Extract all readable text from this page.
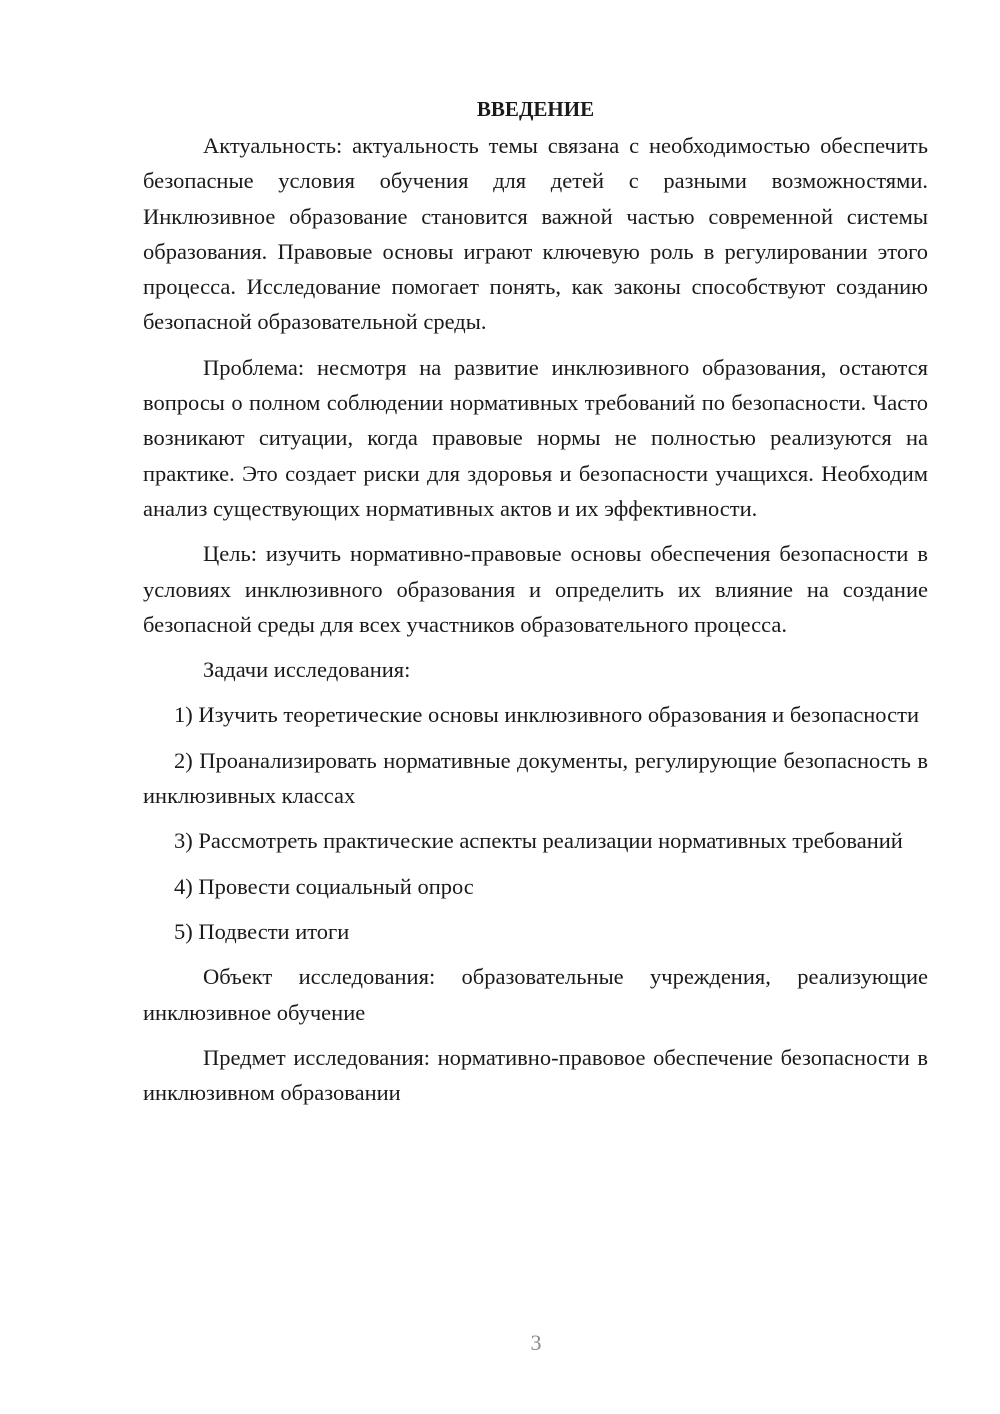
ВВЕДЕНИЕ

Актуальность: актуальность темы связана с необходимостью обеспечить безопасные условия обучения для детей с разными возможностями. Инклюзивное образование становится важной частью современной системы образования. Правовые основы играют ключевую роль в регулировании этого процесса. Исследование помогает понять, как законы способствуют созданию безопасной образовательной среды.

Проблема: несмотря на развитие инклюзивного образования, остаются вопросы о полном соблюдении нормативных требований по безопасности. Часто возникают ситуации, когда правовые нормы не полностью реализуются на практике. Это создает риски для здоровья и безопасности учащихся. Необходим анализ существующих нормативных актов и их эффективности.

Цель: изучить нормативно-правовые основы обеспечения безопасности в условиях инклюзивного образования и определить их влияние на создание безопасной среды для всех участников образовательного процесса.

Задачи исследования:

1) Изучить теоретические основы инклюзивного образования и безопасности

2) Проанализировать нормативные документы, регулирующие безопасность в инклюзивных классах

3) Рассмотреть практические аспекты реализации нормативных требований

4) Провести социальный опрос

5) Подвести итоги

Объект исследования: образовательные учреждения, реализующие инклюзивное обучение

Предмет исследования: нормативно-правовое обеспечение безопасности в инклюзивном образовании

3
